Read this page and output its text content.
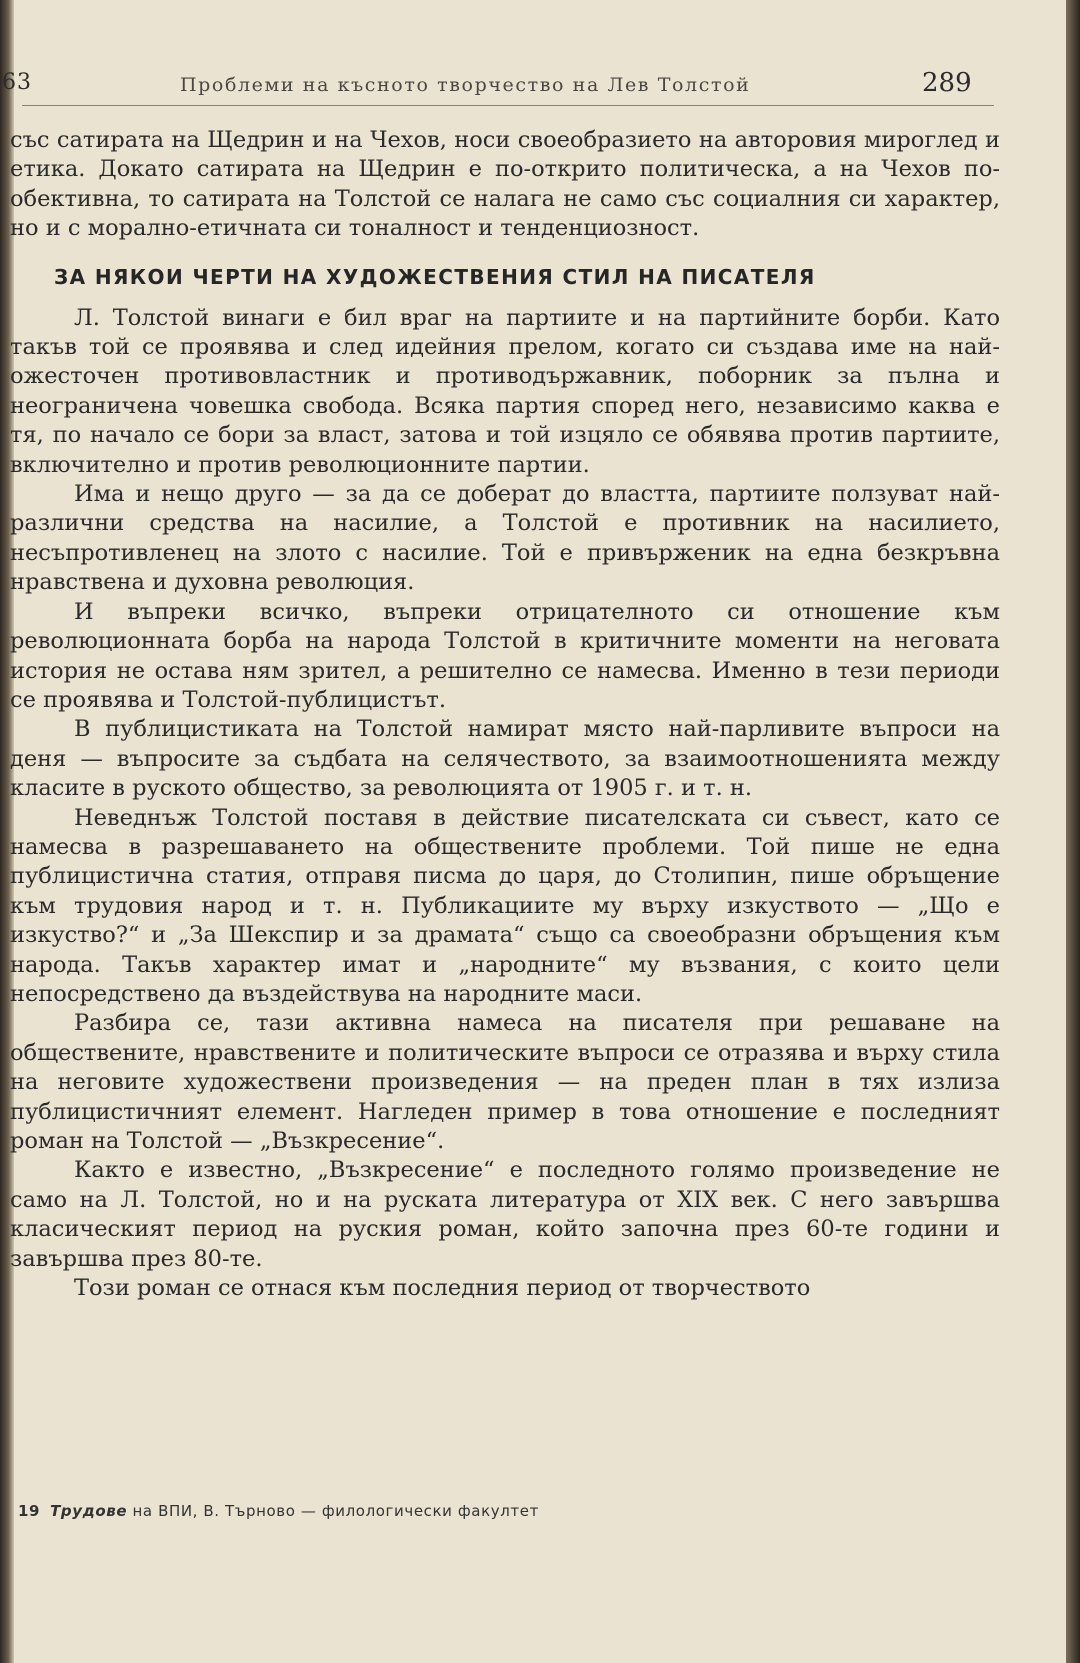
63	Проблеми на късното творчество на Лев Толстой	289

със сатирата на Щедрин и на Чехов, носи своеобразието на авторовия мироглед и етика. Докато сатирата на Щедрин е по-открито политическа, а на Чехов по-обективна, то сатирата на Толстой се налага не само със социалния си характер, но и с морално-етичната си тоналност и тенденциозност.

ЗА НЯКОИ ЧЕРТИ НА ХУДОЖЕСТВЕНИЯ СТИЛ НА ПИСАТЕЛЯ

Л. Толстой винаги е бил враг на партиите и на партийните борби. Като такъв той се проявява и след идейния прелом, когато си създава име на най-ожесточен противовластник и противодържавник, поборник за пълна и неограничена човешка свобода. Всяка партия според него, независимо каква е тя, по начало се бори за власт, затова и той изцяло се обявява против партиите, включително и против революционните партии.

Има и нещо друго — за да се доберат до властта, партиите ползуват най-различни средства на насилие, а Толстой е противник на насилието, несъпротивленец на злото с насилие. Той е привърженик на една безкръвна нравствена и духовна революция.

И въпреки всичко, въпреки отрицателното си отношение към революционната борба на народа Толстой в критичните моменти на неговата история не остава ням зрител, а решително се намесва. Именно в тези периоди се проявява и Толстой-публицистът.

В публицистиката на Толстой намират място най-парливите въпроси на деня — въпросите за съдбата на селячеството, за взаимоотношенията между класите в руското общество, за революцията от 1905 г. и т. н.

Неведнъж Толстой поставя в действие писателската си съвест, като се намесва в разрешаването на обществените проблеми. Той пише не една публицистична статия, отправя писма до царя, до Столипин, пише обръщение към трудовия народ и т. н. Публикациите му върху изкуството — „Що е изкуство?“ и „За Шекспир и за драмата“ също са своеобразни обръщения към народа. Такъв характер имат и „народните“ му възвания, с които цели непосредствено да въздействува на народните маси.

Разбира се, тази активна намеса на писателя при решаване на обществените, нравствените и политическите въпроси се отразява и върху стила на неговите художествени произведения — на преден план в тях излиза публицистичният елемент. Нагледен пример в това отношение е последният роман на Толстой — „Възкресение“.

Както е известно, „Възкресение“ е последното голямо произведение не само на Л. Толстой, но и на руската литература от XIX век. С него завършва класическият период на руския роман, който започна през 60-те години и завършва през 80-те.

Този роман се отнася към последния период от творчеството

19 Трудове на ВПИ, В. Търново — филологически факултет
